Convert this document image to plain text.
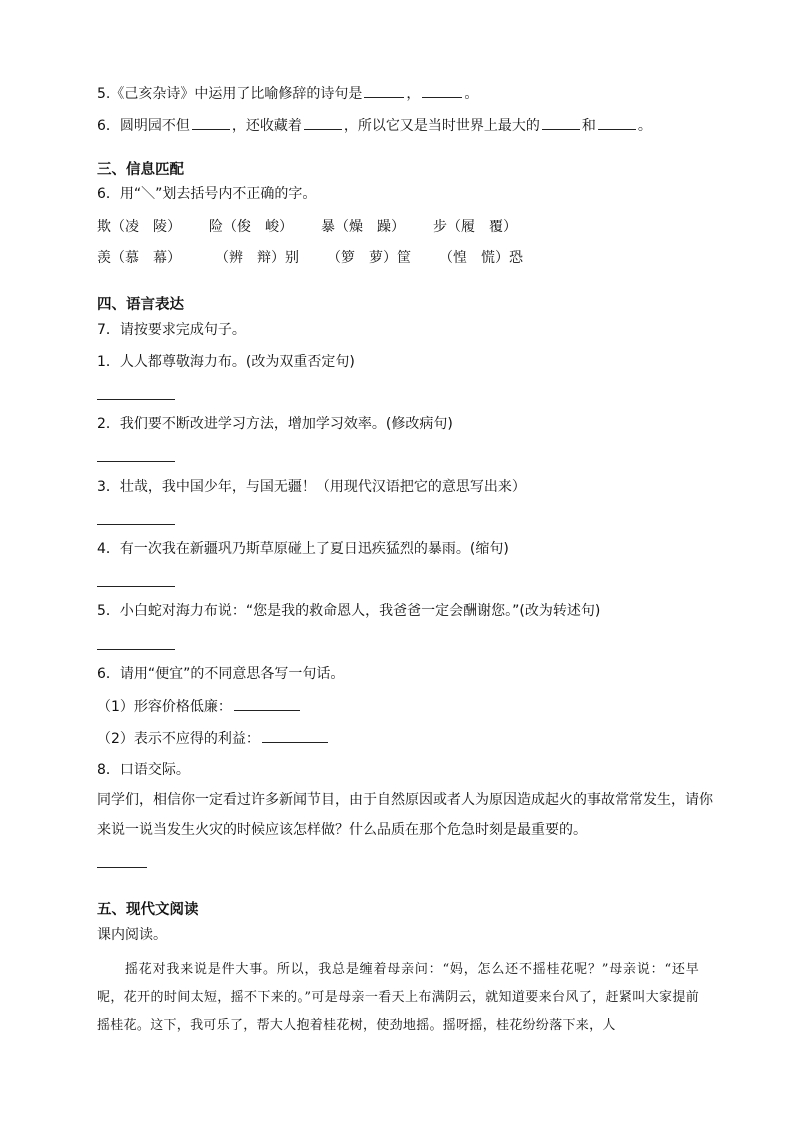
5.《己亥杂诗》中运用了比喻修辞的诗句是	，	。
6．圆明园不但	，还收藏着	，所以它又是当时世界上最大的	和	。
三、信息匹配
6．用“＼”划去括号内不正确的字。
欺（凌　陵） 险（俊　峻） 暴（燥　躁） 步（履　覆）
羡（慕　幕） （辨　辩）别 （箩　萝）筐 （惶　慌）恐
四、语言表达
7．请按要求完成句子。
1．人人都尊敬海力布。(改为双重否定句)
2．我们要不断改进学习方法，增加学习效率。(修改病句)
3．壮哉，我中国少年，与国无疆！（用现代汉语把它的意思写出来）
4．有一次我在新疆巩乃斯草原碰上了夏日迅疾猛烈的暴雨。(缩句)
5．小白蛇对海力布说：“您是我的救命恩人，我爸爸一定会酬谢您。”(改为转述句)
6．请用“便宜”的不同意思各写一句话。
（1）形容价格低廉：
（2）表示不应得的利益：
8．口语交际。
同学们，相信你一定看过许多新闻节目，由于自然原因或者人为原因造成起火的事故常常发生，请你来说一说当发生火灾的时候应该怎样做？什么品质在那个危急时刻是最重要的。
五、现代文阅读
课内阅读。
摇花对我来说是件大事。所以，我总是缠着母亲问：“妈，怎么还不摇桂花呢？”母亲说：“还早呢，花开的时间太短，摇不下来的。”可是母亲一看天上布满阴云，就知道要来台风了，赶紧叫大家提前摇桂花。这下，我可乐了，帮大人抱着桂花树，使劲地摇。摇呀摇，桂花纷纷落下来，人
